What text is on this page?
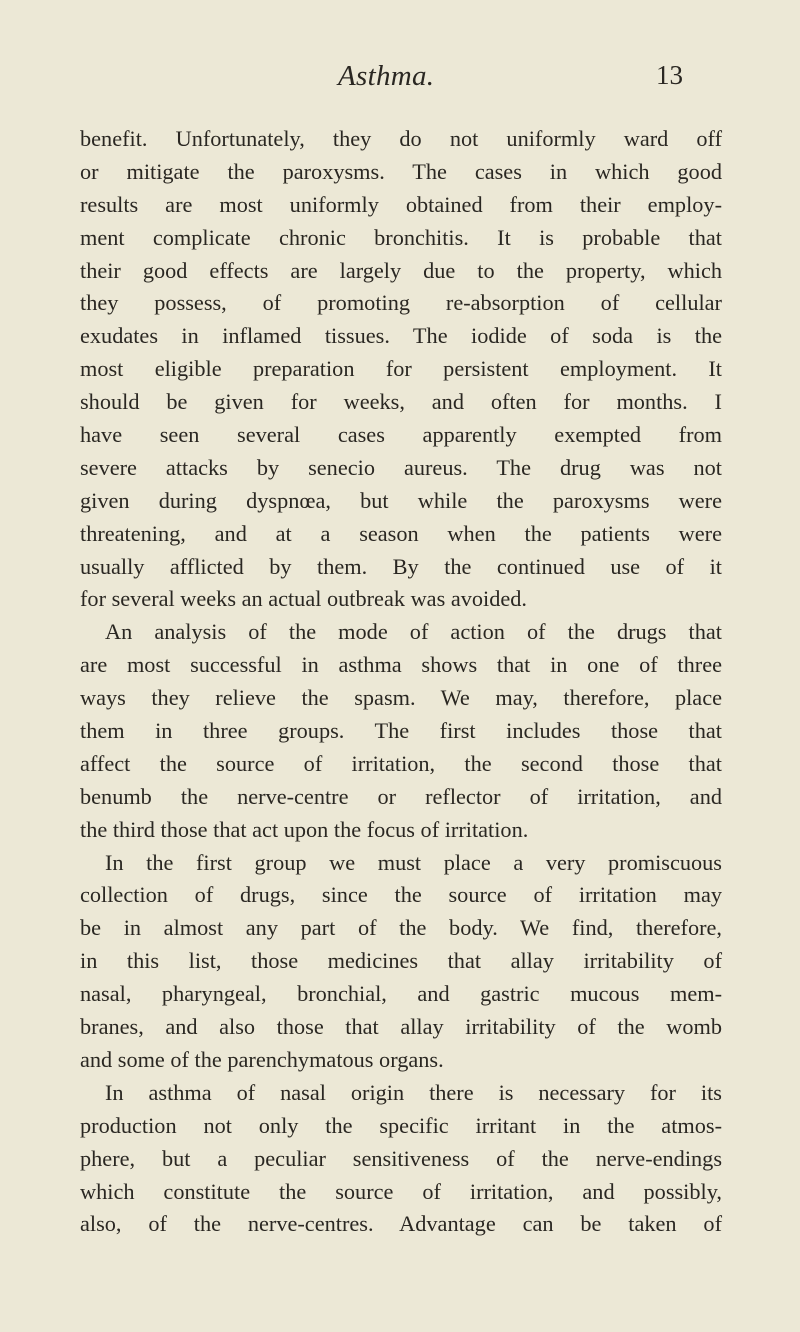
Asthma.	13
benefit. Unfortunately, they do not uniformly ward off
or mitigate the paroxysms. The cases in which good
results are most uniformly obtained from their employ-
ment complicate chronic bronchitis. It is probable that
their good effects are largely due to the property, which
they possess, of promoting re-absorption of cellular
exudates in inflamed tissues. The iodide of soda is the
most eligible preparation for persistent employment. It
should be given for weeks, and often for months. I
have seen several cases apparently exempted from
severe attacks by senecio aureus. The drug was not
given during dyspnœa, but while the paroxysms were
threatening, and at a season when the patients were
usually afflicted by them. By the continued use of it
for several weeks an actual outbreak was avoided.
An analysis of the mode of action of the drugs that
are most successful in asthma shows that in one of three
ways they relieve the spasm. We may, therefore, place
them in three groups. The first includes those that
affect the source of irritation, the second those that
benumb the nerve-centre or reflector of irritation, and
the third those that act upon the focus of irritation.
In the first group we must place a very promiscuous
collection of drugs, since the source of irritation may
be in almost any part of the body. We find, therefore,
in this list, those medicines that allay irritability of
nasal, pharyngeal, bronchial, and gastric mucous mem-
branes, and also those that allay irritability of the womb
and some of the parenchymatous organs.
In asthma of nasal origin there is necessary for its
production not only the specific irritant in the atmos-
phere, but a peculiar sensitiveness of the nerve-endings
which constitute the source of irritation, and possibly,
also, of the nerve-centres. Advantage can be taken of
